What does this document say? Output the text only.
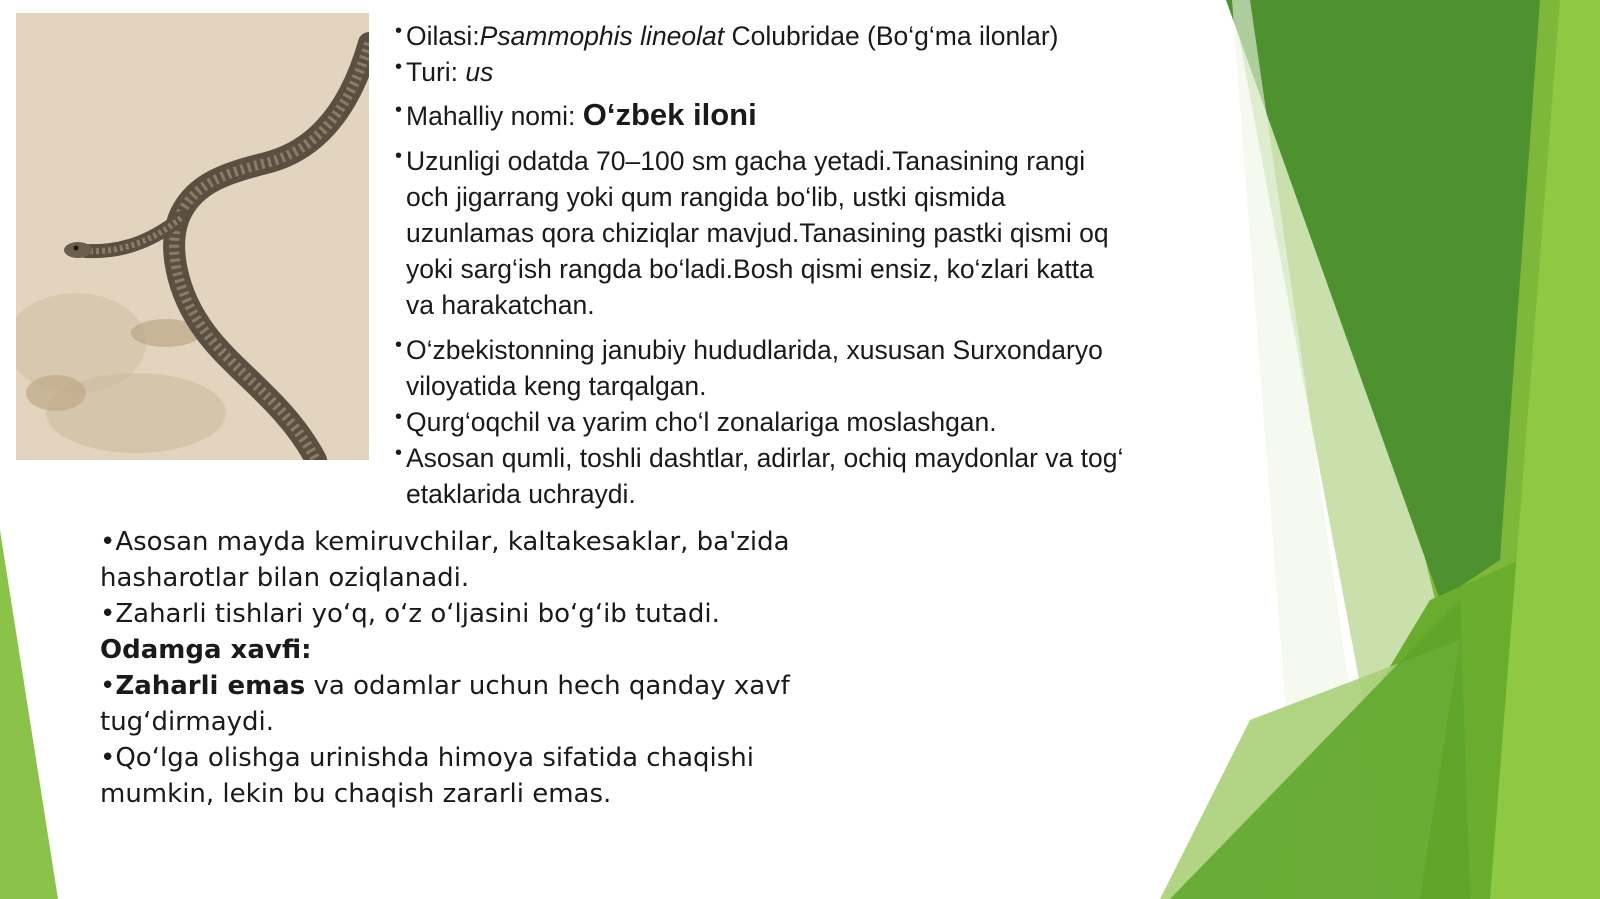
• Oilasi:Psammophis lineolat Colubridae (Bo‘g‘ma ilonlar)
• Turi: us
• Mahalliy nomi: O‘zbek iloni
• Uzunligi odatda 70–100 sm gacha yetadi.Tanasining rangi
och jigarrang yoki qum rangida bo‘lib, ustki qismida
uzunlamas qora chiziqlar mavjud.Tanasining pastki qismi oq
yoki sarg‘ish rangda bo‘ladi.Bosh qismi ensiz, ko‘zlari katta
va harakatchan.
• O‘zbekistonning janubiy hududlarida, xususan Surxondaryo
viloyatida keng tarqalgan.
• Qurg‘oqchil va yarim cho‘l zonalariga moslashgan.
• Asosan qumli, toshli dashtlar, adirlar, ochiq maydonlar va tog‘
etaklarida uchraydi.
•Asosan mayda kemiruvchilar, kaltakesaklar, ba'zida
hasharotlar bilan oziqlanadi.
•Zaharli tishlari yo‘q, o‘z o‘ljasini bo‘g‘ib tutadi.
Odamga xavfi:
•Zaharli emas va odamlar uchun hech qanday xavf
tug‘dirmaydi.
•Qo‘lga olishga urinishda himoya sifatida chaqishi
mumkin, lekin bu chaqish zararli emas.
